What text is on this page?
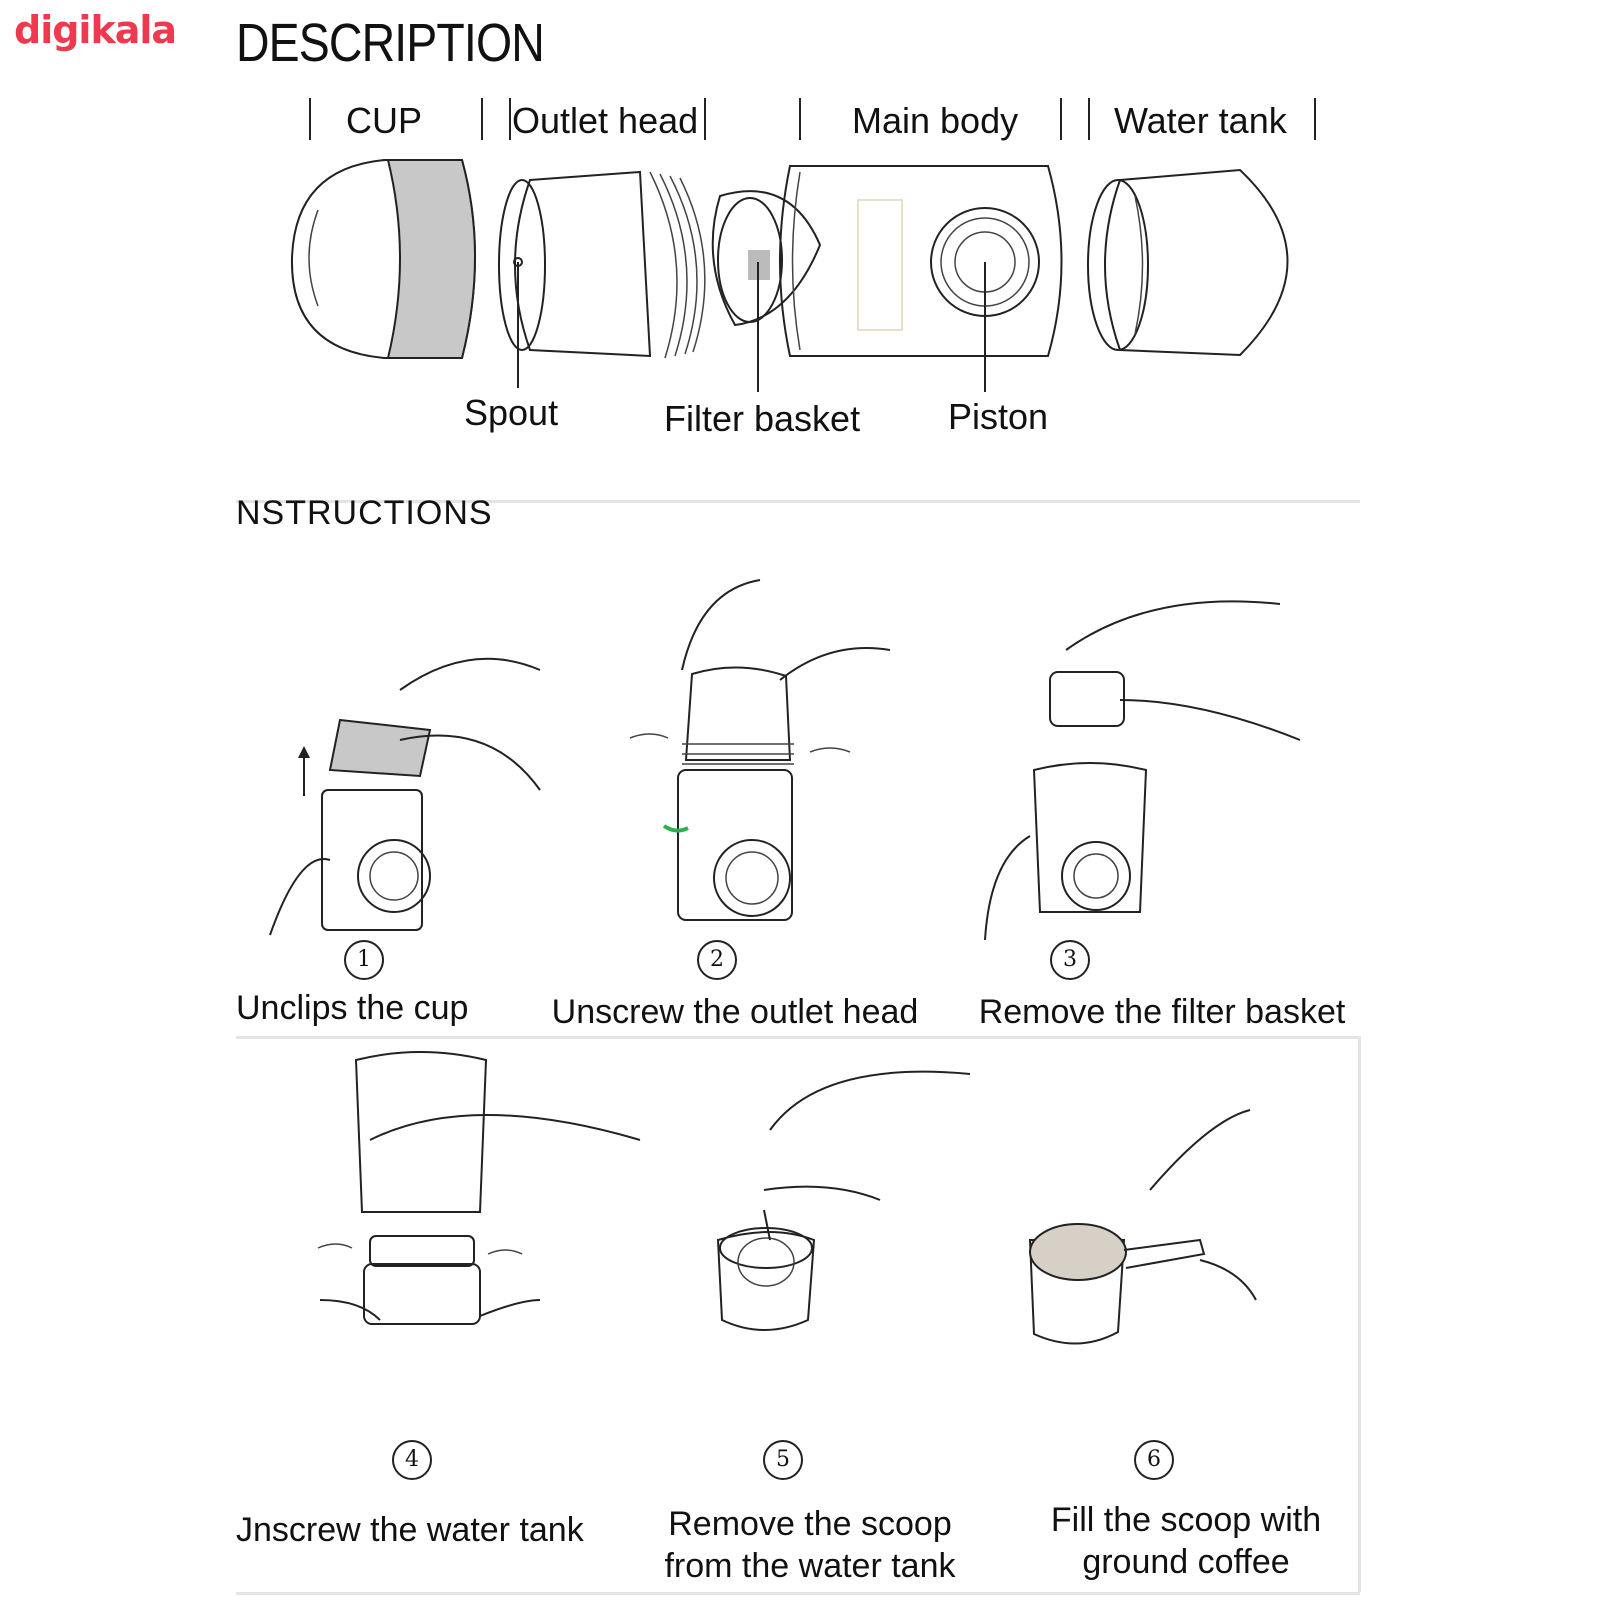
digikala DESCRIPTION
CUP Outlet head	Main body	Water tank
Spout	Filter basket Piston
NSTRUCTIONS
1	2	3
4	5	6
Unclips the cup	Unscrew the outlet head	Remove the filter basket
Jnscrew the water tank	Remove the scoop
from the water tank
Fill the scoop with
ground coffee
